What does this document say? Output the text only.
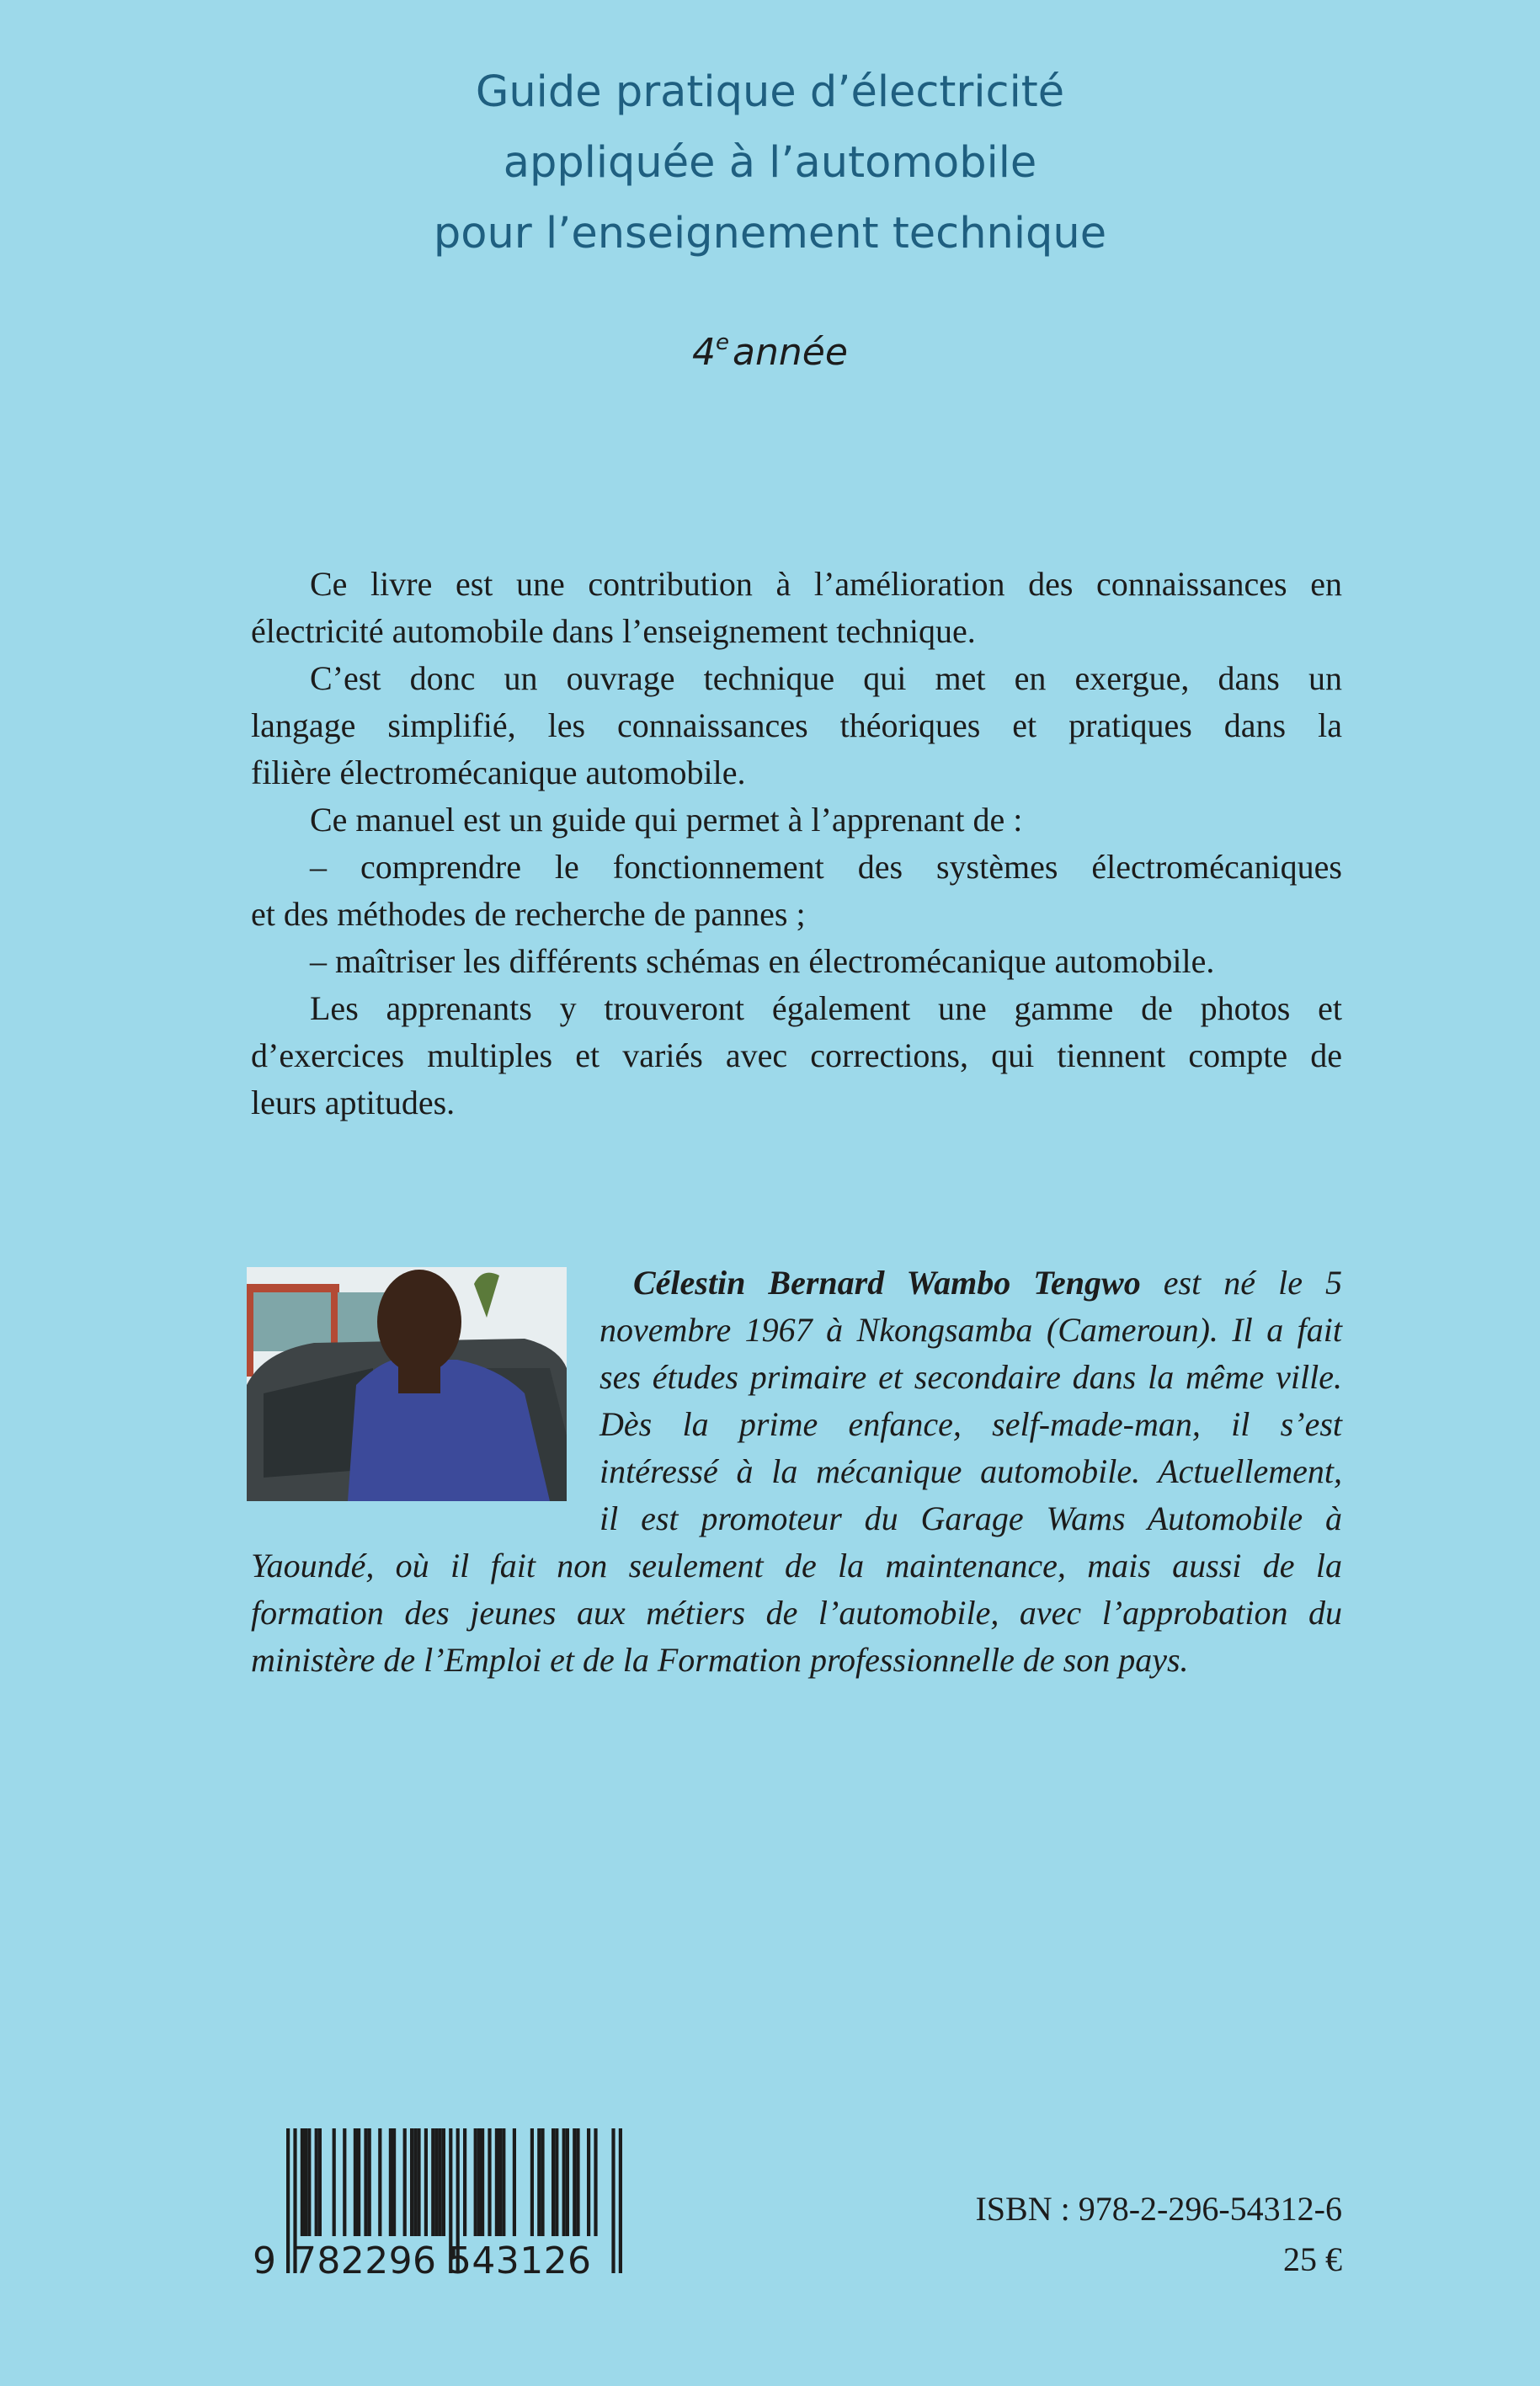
Guide pratique d’électricité
appliquée à l’automobile
pour l’enseignement technique
4eannée
Ce livre est une contribution à l’amélioration des connaissances en
électricité automobile dans l’enseignement technique.
C’est donc un ouvrage technique qui met en exergue, dans un
langage simplifié, les connaissances théoriques et pratiques dans la
filière électromécanique automobile.
Ce manuel est un guide qui permet à l’apprenant de :
– comprendre le fonctionnement des systèmes électromécaniques
et des méthodes de recherche de pannes ;
– maîtriser les différents schémas en électromécanique automobile.
Les apprenants y trouveront également une gamme de photos et
d’exercices multiples et variés avec corrections, qui tiennent compte de
leurs aptitudes.
Célestin Bernard Wambo Tengwo est né le 5
novembre 1967 à Nkongsamba (Cameroun). Il a fait
ses études primaire et secondaire dans la même ville.
Dès la prime enfance, self-made-man, il s’est
intéressé à la mécanique automobile. Actuellement,
il est promoteur du Garage Wams Automobile à
Yaoundé, où il fait non seulement de la maintenance, mais aussi de la
formation des jeunes aux métiers de l’automobile, avec l’approbation du
ministère de l’Emploi et de la Formation professionnelle de son pays.
9 782296 543126
ISBN : 978-2-296-54312-6
25 €
